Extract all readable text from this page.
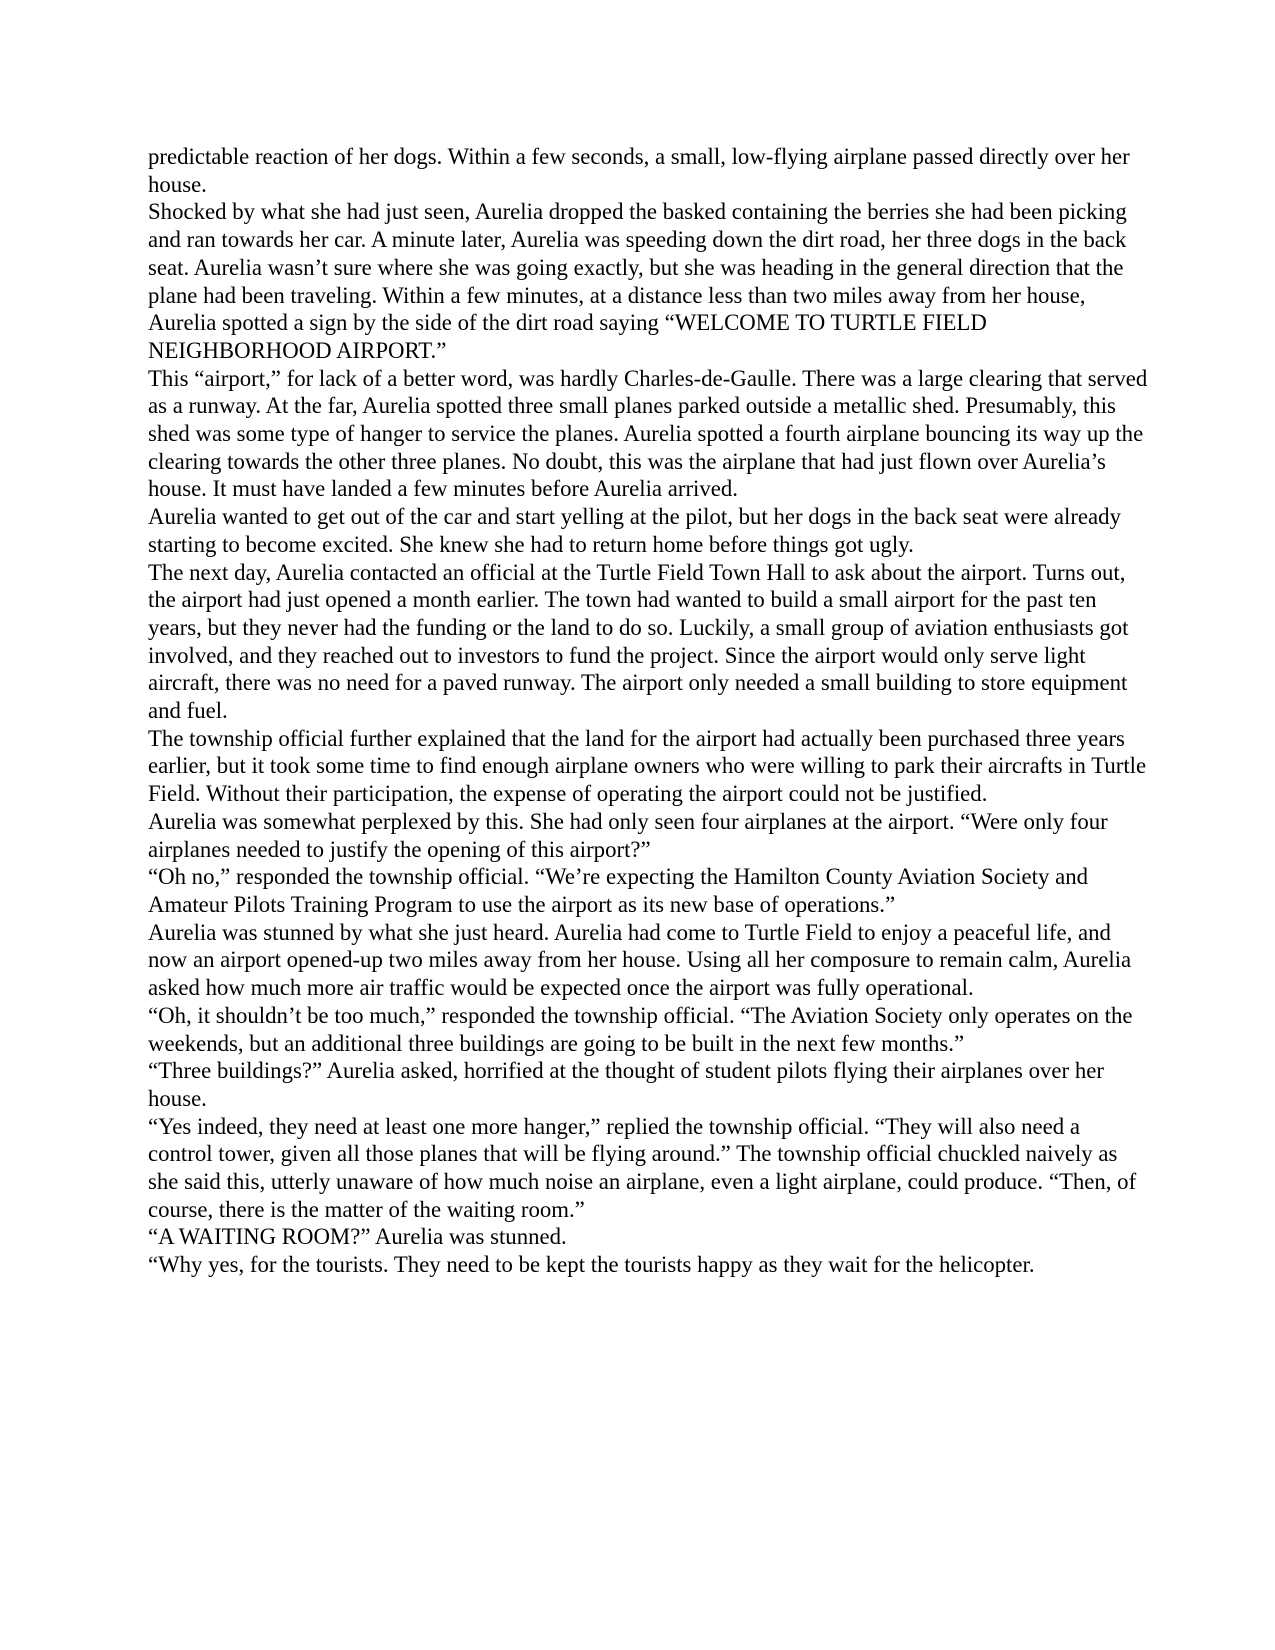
predictable reaction of her dogs. Within a few seconds, a small, low-flying airplane passed directly over her house.

Shocked by what she had just seen, Aurelia dropped the basked containing the berries she had been picking and ran towards her car. A minute later, Aurelia was speeding down the dirt road, her three dogs in the back seat. Aurelia wasn’t sure where she was going exactly, but she was heading in the general direction that the plane had been traveling. Within a few minutes, at a distance less than two miles away from her house, Aurelia spotted a sign by the side of the dirt road saying “WELCOME TO TURTLE FIELD NEIGHBORHOOD AIRPORT.”

This “airport,” for lack of a better word, was hardly Charles-de-Gaulle. There was a large clearing that served as a runway. At the far, Aurelia spotted three small planes parked outside a metallic shed. Presumably, this shed was some type of hanger to service the planes. Aurelia spotted a fourth airplane bouncing its way up the clearing towards the other three planes. No doubt, this was the airplane that had just flown over Aurelia’s house. It must have landed a few minutes before Aurelia arrived.

Aurelia wanted to get out of the car and start yelling at the pilot, but her dogs in the back seat were already starting to become excited. She knew she had to return home before things got ugly.

The next day, Aurelia contacted an official at the Turtle Field Town Hall to ask about the airport. Turns out, the airport had just opened a month earlier. The town had wanted to build a small airport for the past ten years, but they never had the funding or the land to do so. Luckily, a small group of aviation enthusiasts got involved, and they reached out to investors to fund the project. Since the airport would only serve light aircraft, there was no need for a paved runway. The airport only needed a small building to store equipment and fuel.

The township official further explained that the land for the airport had actually been purchased three years earlier, but it took some time to find enough airplane owners who were willing to park their aircrafts in Turtle Field. Without their participation, the expense of operating the airport could not be justified.

Aurelia was somewhat perplexed by this. She had only seen four airplanes at the airport. “Were only four airplanes needed to justify the opening of this airport?”

“Oh no,” responded the township official. “We’re expecting the Hamilton County Aviation Society and Amateur Pilots Training Program to use the airport as its new base of operations.”

Aurelia was stunned by what she just heard. Aurelia had come to Turtle Field to enjoy a peaceful life, and now an airport opened-up two miles away from her house. Using all her composure to remain calm, Aurelia asked how much more air traffic would be expected once the airport was fully operational.

“Oh, it shouldn’t be too much,” responded the township official. “The Aviation Society only operates on the weekends, but an additional three buildings are going to be built in the next few months.”

“Three buildings?” Aurelia asked, horrified at the thought of student pilots flying their airplanes over her house.

“Yes indeed, they need at least one more hanger,” replied the township official. “They will also need a control tower, given all those planes that will be flying around.” The township official chuckled naively as she said this, utterly unaware of how much noise an airplane, even a light airplane, could produce. “Then, of course, there is the matter of the waiting room.”

“A WAITING ROOM?” Aurelia was stunned.

“Why yes, for the tourists. They need to be kept the tourists happy as they wait for the helicopter.
